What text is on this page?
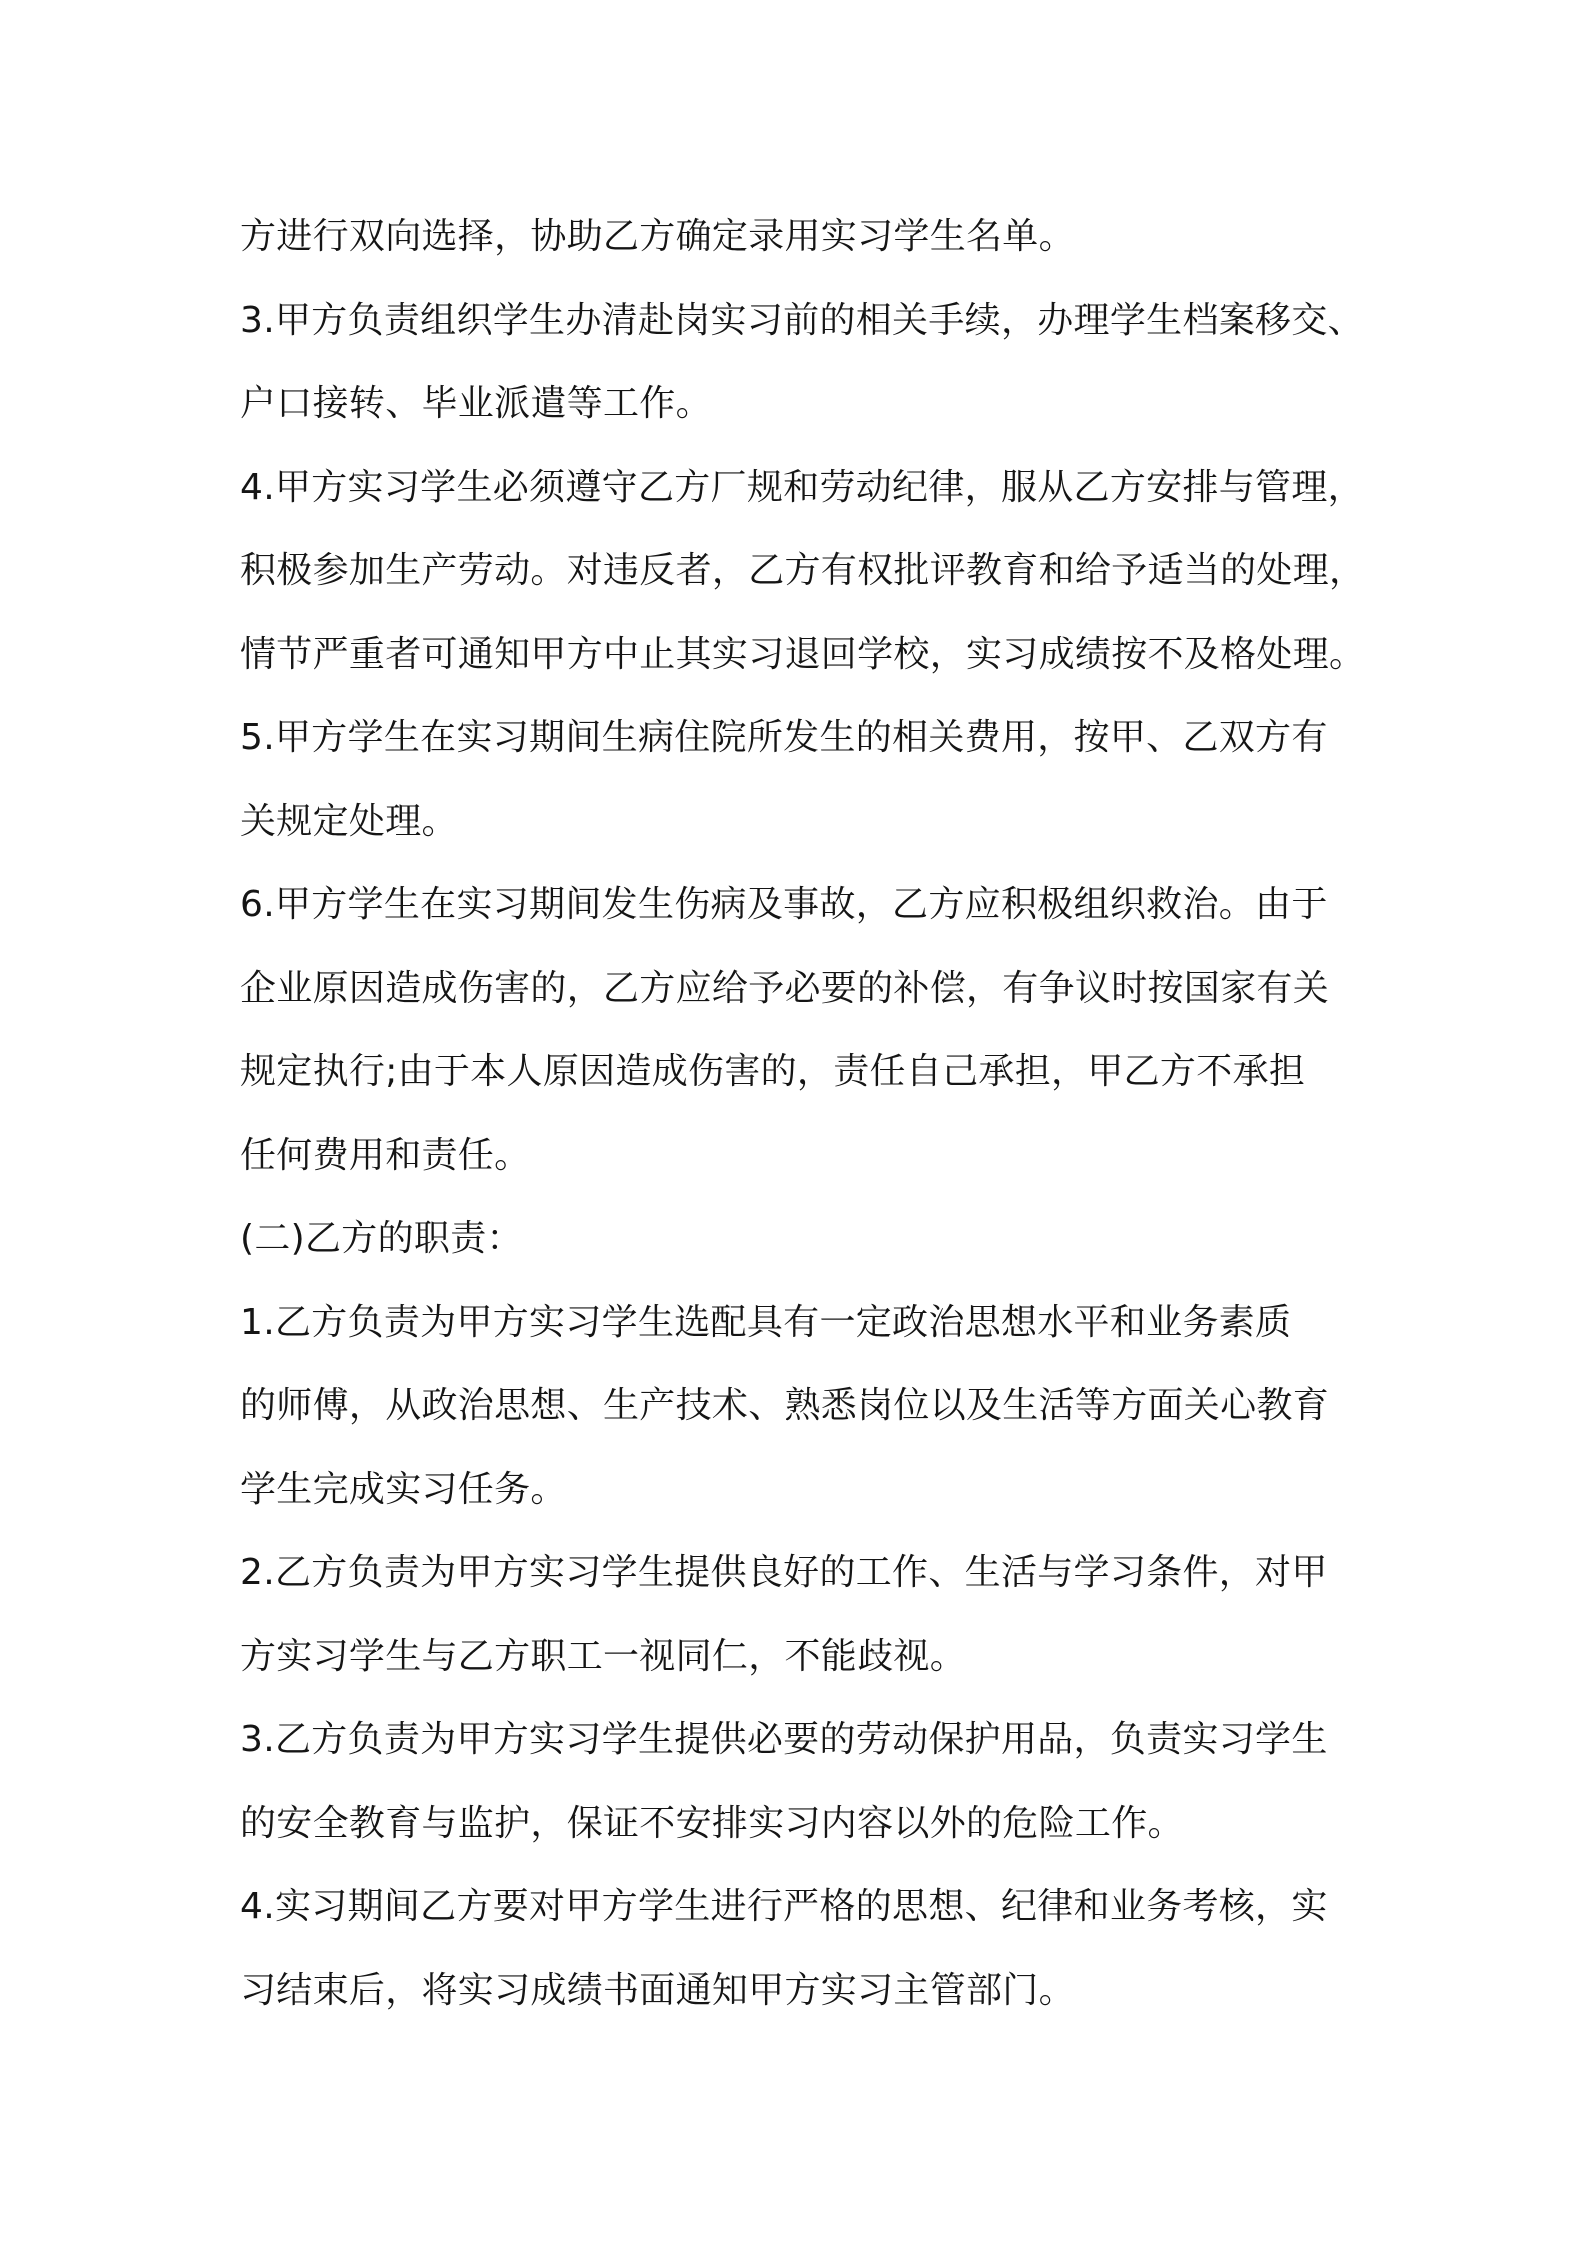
方进行双向选择，协助乙方确定录用实习学生名单。
3.甲方负责组织学生办清赴岗实习前的相关手续，办理学生档案移交、
户口接转、毕业派遣等工作。
4.甲方实习学生必须遵守乙方厂规和劳动纪律，服从乙方安排与管理，
积极参加生产劳动。对违反者，乙方有权批评教育和给予适当的处理，
情节严重者可通知甲方中止其实习退回学校，实习成绩按不及格处理。
5.甲方学生在实习期间生病住院所发生的相关费用，按甲、乙双方有
关规定处理。
6.甲方学生在实习期间发生伤病及事故，乙方应积极组织救治。由于
企业原因造成伤害的，乙方应给予必要的补偿，有争议时按国家有关
规定执行;由于本人原因造成伤害的，责任自己承担，甲乙方不承担
任何费用和责任。
(二)乙方的职责：
1.乙方负责为甲方实习学生选配具有一定政治思想水平和业务素质
的师傅，从政治思想、生产技术、熟悉岗位以及生活等方面关心教育
学生完成实习任务。
2.乙方负责为甲方实习学生提供良好的工作、生活与学习条件，对甲
方实习学生与乙方职工一视同仁，不能歧视。
3.乙方负责为甲方实习学生提供必要的劳动保护用品，负责实习学生
的安全教育与监护，保证不安排实习内容以外的危险工作。
4.实习期间乙方要对甲方学生进行严格的思想、纪律和业务考核，实
习结束后，将实习成绩书面通知甲方实习主管部门。
